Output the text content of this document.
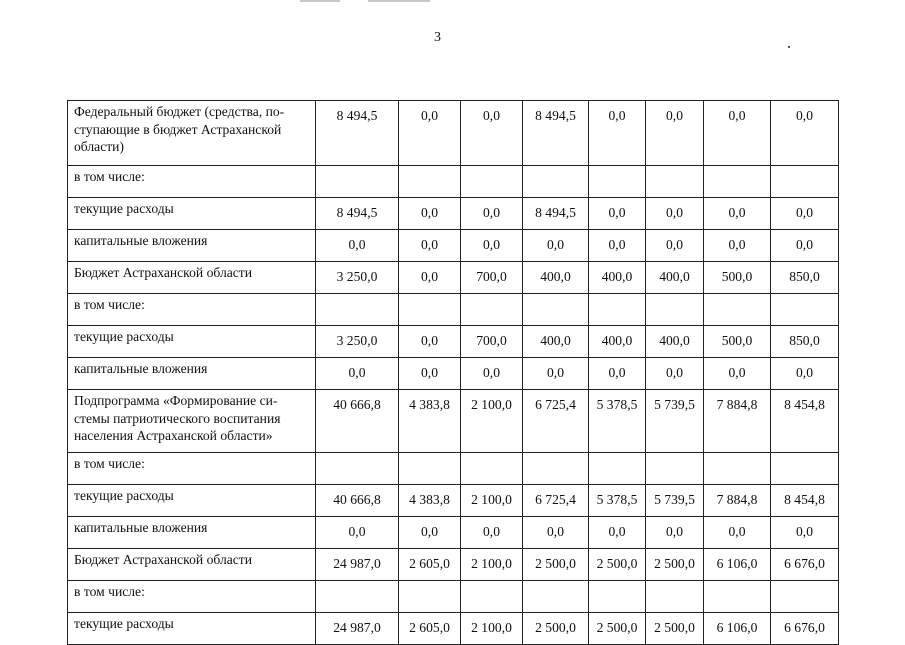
3
Федеральный бюджет (средства, по-
ступающие в бюджет Астраханской
области)	8 494,5	0,0	0,0	8 494,5	0,0	0,0	0,0	0,0
в том числе:								
текущие расходы	8 494,5	0,0	0,0	8 494,5	0,0	0,0	0,0	0,0
капитальные вложения	0,0	0,0	0,0	0,0	0,0	0,0	0,0	0,0
Бюджет Астраханской области	3 250,0	0,0	700,0	400,0	400,0	400,0	500,0	850,0
в том числе:								
текущие расходы	3 250,0	0,0	700,0	400,0	400,0	400,0	500,0	850,0
капитальные вложения	0,0	0,0	0,0	0,0	0,0	0,0	0,0	0,0
Подпрограмма «Формирование си-
стемы патриотического воспитания
населения Астраханской области»	40 666,8	4 383,8	2 100,0	6 725,4	5 378,5	5 739,5	7 884,8	8 454,8
в том числе:								
текущие расходы	40 666,8	4 383,8	2 100,0	6 725,4	5 378,5	5 739,5	7 884,8	8 454,8
капитальные вложения	0,0	0,0	0,0	0,0	0,0	0,0	0,0	0,0
Бюджет Астраханской области	24 987,0	2 605,0	2 100,0	2 500,0	2 500,0	2 500,0	6 106,0	6 676,0
в том числе:								
текущие расходы	24 987,0	2 605,0	2 100,0	2 500,0	2 500,0	2 500,0	6 106,0	6 676,0
